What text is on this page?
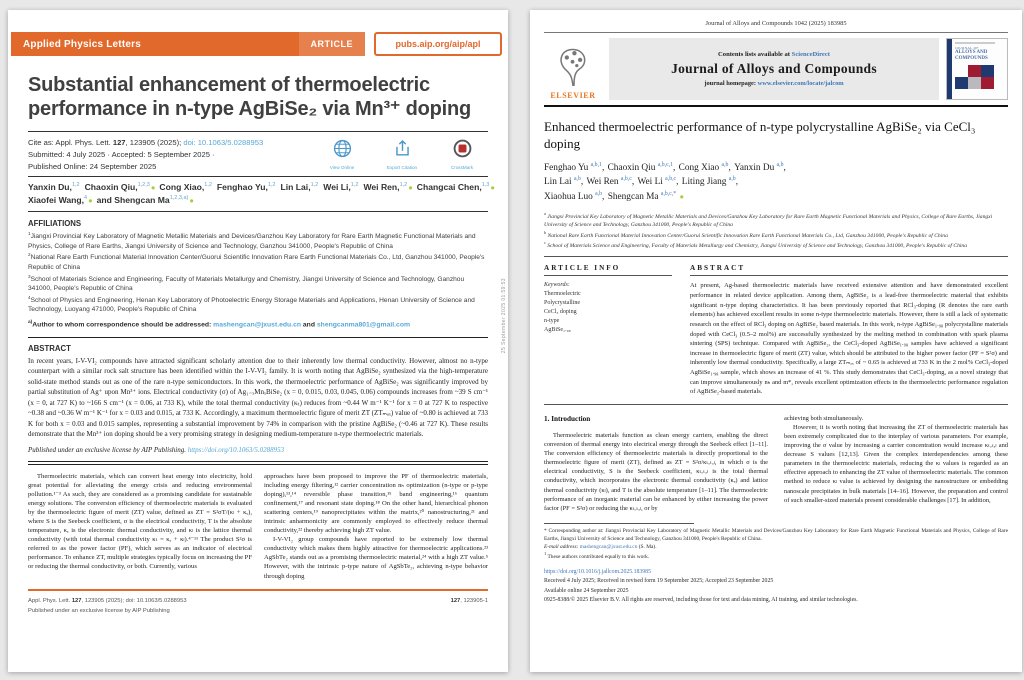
Applied Physics Letters	ARTICLE	pubs.aip.org/aip/apl
Substantial enhancement of thermoelectric performance in n-type AgBiSe₂ via Mn³⁺ doping
Cite as: Appl. Phys. Lett. 127, 123905 (2025); doi: 10.1063/5.0288953
Submitted: 4 July 2025 · Accepted: 5 September 2025 ·
Published Online: 24 September 2025	View Online	Export Citation	CrossMark
Yanxin Du,$^{1,2}$ Chaoxin Qiu,$^{1,2,3}$● Cong Xiao,$^{1,2}$ Fenghao Yu,$^{1,2}$ Lin Lai,$^{1,2}$ Wei Li,$^{1,2}$ Wei Ren,$^{1,2}$● Changcai Chen,$^{1,3}$●
Xiaofei Wang,$^4$● and Shengcan Ma$^{1,2,3,a)}$●
AFFILIATIONS
$^1$Jiangxi Provincial Key Laboratory of Magnetic Metallic Materials and Devices/Ganzhou Key Laboratory for Rare Earth Magnetic Functional Materials and Physics, College of Rare Earths, Jiangxi University of Science and Technology, Ganzhou 341000, People's Republic of China
$^2$National Rare Earth Functional Material Innovation Center/Guorui Scientific Innovation Rare Earth Functional Materials Co., Ltd, Ganzhou 341000, People's Republic of China
$^3$School of Materials Science and Engineering, Faculty of Materials Metallurgy and Chemistry, Jiangxi University of Science and Technology, Ganzhou 341000, People's Republic of China
$^4$School of Physics and Engineering, Henan Key Laboratory of Photoelectric Energy Storage Materials and Applications, Henan University of Science and Technology, Luoyang 471000, People's Republic of China
$^{a)}$Author to whom correspondence should be addressed: mashengcan@jxust.edu.cn and shengcanma801@gmail.com
ABSTRACT
In recent years, I-V-VI₂ compounds have attracted significant scholarly attention due to their inherently low thermal conductivity. However, almost no n-type counterpart with a similar rock salt structure has been identified within the I-V-VI₂ family. It is worth noting that AgBiSe₂ synthesized via the high-temperature solid-state method stands out as one of the rare n-type semiconductors. In this work, the thermoelectric performance of AgBiSe₂ was significantly improved by partial substitution of Ag⁺ upon Mn³⁺ ions. Electrical conductivity (σ) of Ag₁₋ₓMnₓBiSe₂ (x = 0, 0.015, 0.03, 0.045, 0.06) compounds increases from ~39 S cm⁻¹ (x = 0, at 727 K) to ~166 S cm⁻¹ (x = 0.06, at 733 K), while the total thermal conductivity (κₜ) reduces from ~0.44 W m⁻¹ K⁻¹ for x = 0 at 727 K to respective ~0.38 and ~0.36 W m⁻¹ K⁻¹ for x = 0.03 and 0.015, at 733 K. Accordingly, a maximum thermoelectric figure of merit ZT (ZTₘₐₓ) value of ~0.80 is achieved at 733 K for both x = 0.03 and 0.015 samples, representing a substantial improvement by 74% in comparison with the pristine AgBiSe₂ (~0.46 at 727 K). These results demonstrate that the Mn³⁺ ion doping should be a very promising strategy in designing medium-temperature n-type thermoelectric materials.
Published under an exclusive license by AIP Publishing. https://doi.org/10.1063/5.0288953

Thermoelectric materials, which can convert heat energy into electricity, hold great potential for alleviating the energy crisis and reducing environmental pollution.¹⁻³ As such, they are considered as a promising candidate for sustainable energy solutions. The conversion efficiency of thermoelectric materials is evaluated by the thermoelectric figure of merit (ZT) value, defined as ZT = S²σT/(κₗ + κₑ), where S is the Seebeck coefficient, σ is the electrical conductivity, T is the absolute temperature, κₑ is the electronic thermal conductivity, and κₗ is the lattice thermal conductivity (with total thermal conductivity κₜ = κₑ + κₗ).⁴⁻¹¹ The product S²σ is referred to as the power factor (PF), which serves as an indicator of electrical performance. To enhance ZT, multiple strategies typically focus on increasing the PF or reducing the thermal conductivity, or both. Currently, various

approaches have been proposed to improve the PF of thermoelectric materials, including energy filtering,¹² carrier concentration nₕ optimization (n-type or p-type doping),¹³,¹⁴ reversible phase transition,¹⁵ band engineering,¹⁶ quantum confinement,¹⁷ and resonant state doping.¹⁸ On the other hand, hierarchical phonon scattering centers,¹⁹ nanoprecipitates within the matrix,²⁰ nanostructuring,²¹ and intrinsic anharmonicity are commonly employed to effectively reduce thermal conductivity,²² thereby achieving high ZT value.

I-V-VI₂ group compounds have reported to be extremely low thermal conductivity which makes them highly attractive for thermoelectric applications.²³ AgSbTe₂ stands out as a promising thermoelectric material,²⁴ with a high ZT value.⁵ However, with the intrinsic p-type nature of AgSbTe₂, achieving n-type behavior through doping

Appl. Phys. Lett. 127, 123905 (2025); doi: 10.1063/5.0288953
Published under an exclusive license by AIP Publishing
127, 123905-1
25 September 2025 01:59:53
Journal of Alloys and Compounds 1042 (2025) 183985
ELSEVIER
Contents lists available at ScienceDirect
Journal of Alloys and Compounds
journal homepage: www.elsevier.com/locate/jalcom
JOURNAL OF
ALLOYS AND
COMPOUNDS
Enhanced thermoelectric performance of n-type polycrystalline AgBiSe₂ via CeCl₃ doping
Fenghao Yu $^{a,b,1}$, Chaoxin Qiu $^{a,b,c,1}$, Cong Xiao $^{a,b}$, Yanxin Du $^{a,b}$,
Lin Lai $^{a,b}$, Wei Ren $^{a,b,c}$, Wei Li $^{a,b,c}$, Liting Jiang $^{a,b}$,
Xiaohua Luo $^{a,b}$, Shengcan Ma $^{a,b,c,*}$ ●
$^a$ Jiangxi Provincial Key Laboratory of Magnetic Metallic Materials and Devices/Ganzhou Key Laboratory for Rare Earth Magnetic Functional Materials and Physics, College of Rare Earths, Jiangxi University of Science and Technology, Ganzhou 341000, People's Republic of China
$^b$ National Rare Earth Functional Material Innovation Center/Guorui Scientific Innovation Rare Earth Functional Materials Co., Ltd, Ganzhou 341000, People's Republic of China
$^c$ School of Materials Science and Engineering, Faculty of Materials Metallurgy and Chemistry, Jiangxi University of Science and Technology, Ganzhou 341000, People's Republic of China
ARTICLE INFO
Keywords:
Thermoelectric
Polycrystalline
CeCl₃ doping
n-type
AgBiSe₁.₉₈
ABSTRACT
At present, Ag-based thermoelectric materials have received extensive attention and have demonstrated excellent performance in related device application. Among them, AgBiSe₂ is a lead-free thermoelectric material that exhibits significant n-type doping characteristics. It has been previously reported that RCl₃-doping (R denotes the rare earth elements) has achieved excellent results in some n-type thermoelectric materials. However, there is still a lack of systematic research on the effect of RCl₃ doping on AgBiSe₂ based materials. In this work, n-type AgBiSe₁.₉₈ polycrystalline materials doped with CeCl₃ (0.5–2 mol%) are successfully synthesized by the melting method in combination with spark plasma sintering (SPS) technique. Compared with AgBiSe₂, the CeCl₃-doped AgBiSe₁.₉₈ samples have achieved a significant increase in thermoelectric figure of merit (ZT) value, which should be attributed to the higher power factor (PF = S²σ) and inherently low thermal conductivity. Specifically, a large ZTₘₐₓ of ~ 0.65 is achieved at 733 K in the 2 mol% CeCl₃-doped AgBiSe₁.₉₈ sample, which shows an increase of 41 %. This study demonstrates that CeCl₃-doping, as a novel strategy that can improve simultaneously nₕ and m*, reveals excellent optimization effects in the thermoelectric performance regulation of AgBiSe₂-based materials.
1. Introduction

Thermoelectric materials function as clean energy carriers, enabling the direct conversion of thermal energy into electrical energy through the Seebeck effect [1–11]. The conversion efficiency of thermoelectric materials is directly proportional to the thermoelectric figure of merit (ZT), defined as ZT = S²σ/κₜₒₜₐₗ, in which σ is the electrical conductivity, S is the Seebeck coefficient, κₜₒₜₐₗ is the total thermal conductivity, which incorporates the electronic thermal conductivity (κₑ) and lattice thermal conductivity (κₗ), and T is the absolute temperature [1–11]. The thermoelectric performance of an inorganic material can be enhanced by either increasing the power factor (PF = S²σ) or reducing the κₜₒₜₐₗ, or by

achieving both simultaneously.

However, it is worth noting that increasing the ZT of thermoelectric materials has been extremely complicated due to the interplay of various parameters. For example, improving the σ value by increasing a carrier concentration would increase κₜₒₜₐₗ and decrease S values [12,13]. Given the complex interdependencies among these parameters in the thermoelectric materials, reducing the κₗ values is regarded as an effective approach to enhancing the ZT value of thermoelectric materials. The common method to reduce κₗ value is achieved by designing the nanostructure or embedding nanoscale precipitates in bulk materials [14–16]. However, the preparation and control of such smaller-sized materials present considerable challenges [17]. In addition,

* Corresponding author at: Jiangxi Provincial Key Laboratory of Magnetic Metallic Materials and Devices/Ganzhou Key Laboratory for Rare Earth Magnetic Functional Materials and Physics, College of Rare Earths, Jiangxi University of Science and Technology, Ganzhou 341000, People's Republic of China.
E-mail address: mashengcan@jxust.edu.cn (S. Ma).
$^1$ These authors contributed equally to this work.
https://doi.org/10.1016/j.jallcom.2025.183985
Received 4 July 2025; Received in revised form 19 September 2025; Accepted 23 September 2025
Available online 24 September 2025
0925-8388/© 2025 Elsevier B.V. All rights are reserved, including those for text and data mining, AI training, and similar technologies.
